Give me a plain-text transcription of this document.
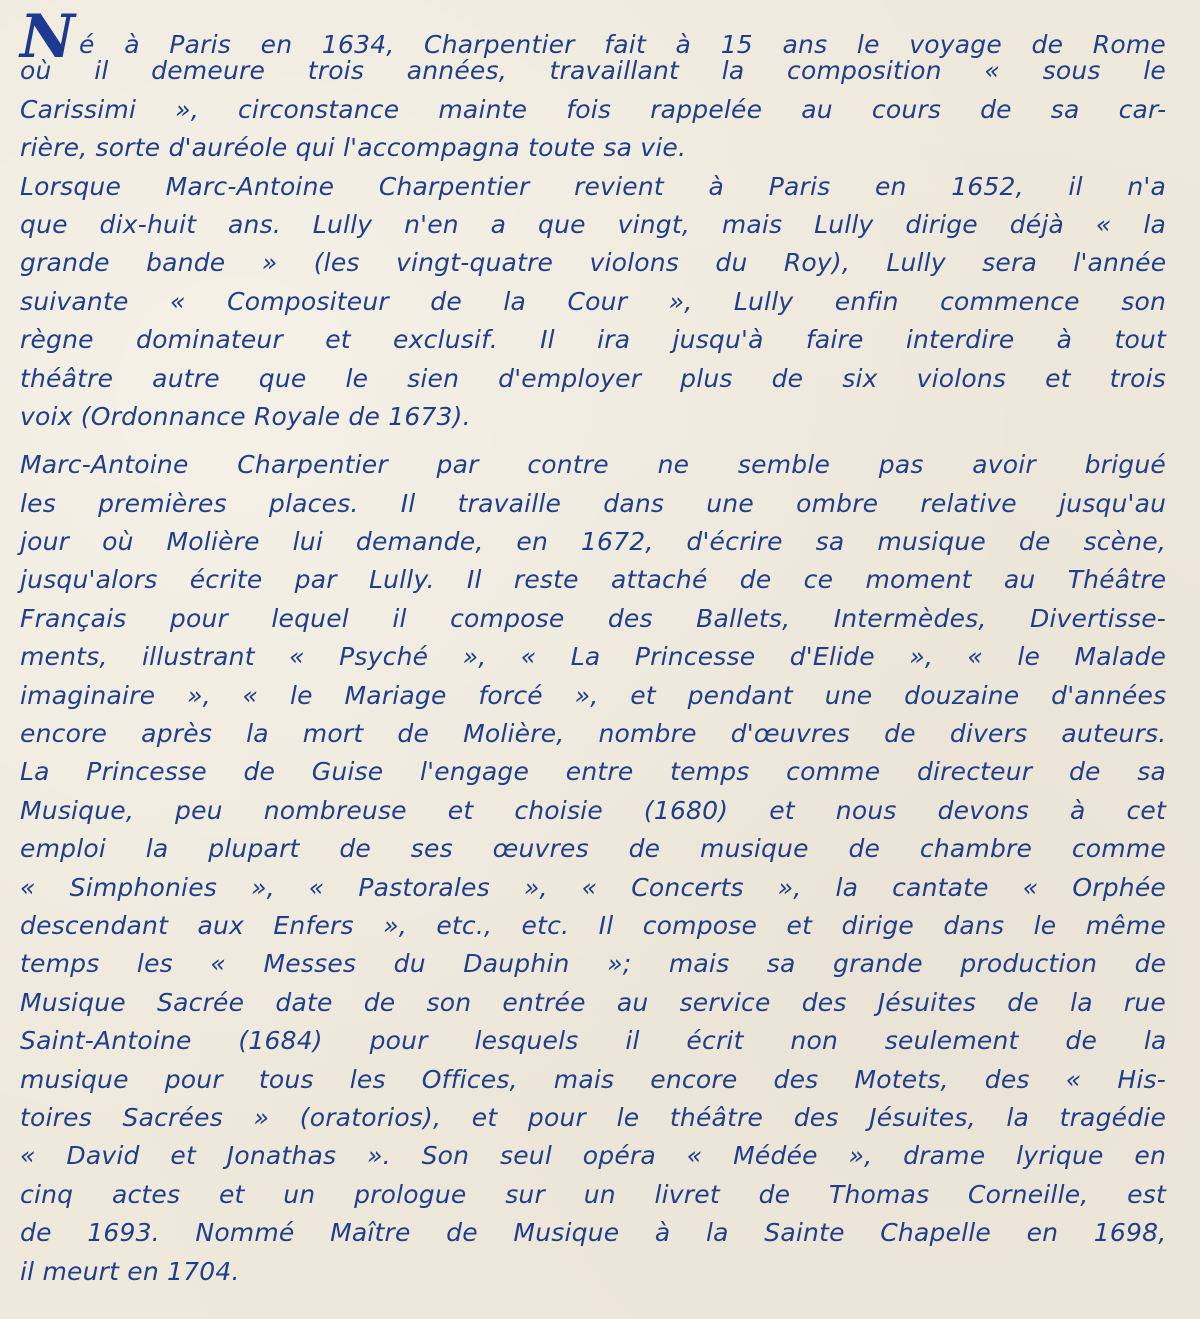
Né à Paris en 1634, Charpentier fait à 15 ans le voyage de Rome
où il demeure trois années, travaillant la composition « sous le
Carissimi », circonstance mainte fois rappelée au cours de sa car-
rière, sorte d'auréole qui l'accompagna toute sa vie.
Lorsque Marc-Antoine Charpentier revient à Paris en 1652, il n'a
que dix-huit ans. Lully n'en a que vingt, mais Lully dirige déjà « la
grande bande » (les vingt-quatre violons du Roy), Lully sera l'année
suivante « Compositeur de la Cour », Lully enfin commence son
règne dominateur et exclusif. Il ira jusqu'à faire interdire à tout
théâtre autre que le sien d'employer plus de six violons et trois
voix (Ordonnance Royale de 1673).
Marc-Antoine Charpentier par contre ne semble pas avoir brigué
les premières places. Il travaille dans une ombre relative jusqu'au
jour où Molière lui demande, en 1672, d'écrire sa musique de scène,
jusqu'alors écrite par Lully. Il reste attaché de ce moment au Théâtre
Français pour lequel il compose des Ballets, Intermèdes, Divertisse-
ments, illustrant « Psyché », « La Princesse d'Elide », « le Malade
imaginaire », « le Mariage forcé », et pendant une douzaine d'années
encore après la mort de Molière, nombre d'œuvres de divers auteurs.
La Princesse de Guise l'engage entre temps comme directeur de sa
Musique, peu nombreuse et choisie (1680) et nous devons à cet
emploi la plupart de ses œuvres de musique de chambre comme
« Simphonies », « Pastorales », « Concerts », la cantate « Orphée
descendant aux Enfers », etc., etc. Il compose et dirige dans le même
temps les « Messes du Dauphin »; mais sa grande production de
Musique Sacrée date de son entrée au service des Jésuites de la rue
Saint-Antoine (1684) pour lesquels il écrit non seulement de la
musique pour tous les Offices, mais encore des Motets, des « His-
toires Sacrées » (oratorios), et pour le théâtre des Jésuites, la tragédie
« David et Jonathas ». Son seul opéra « Médée », drame lyrique en
cinq actes et un prologue sur un livret de Thomas Corneille, est
de 1693. Nommé Maître de Musique à la Sainte Chapelle en 1698,
il meurt en 1704.
